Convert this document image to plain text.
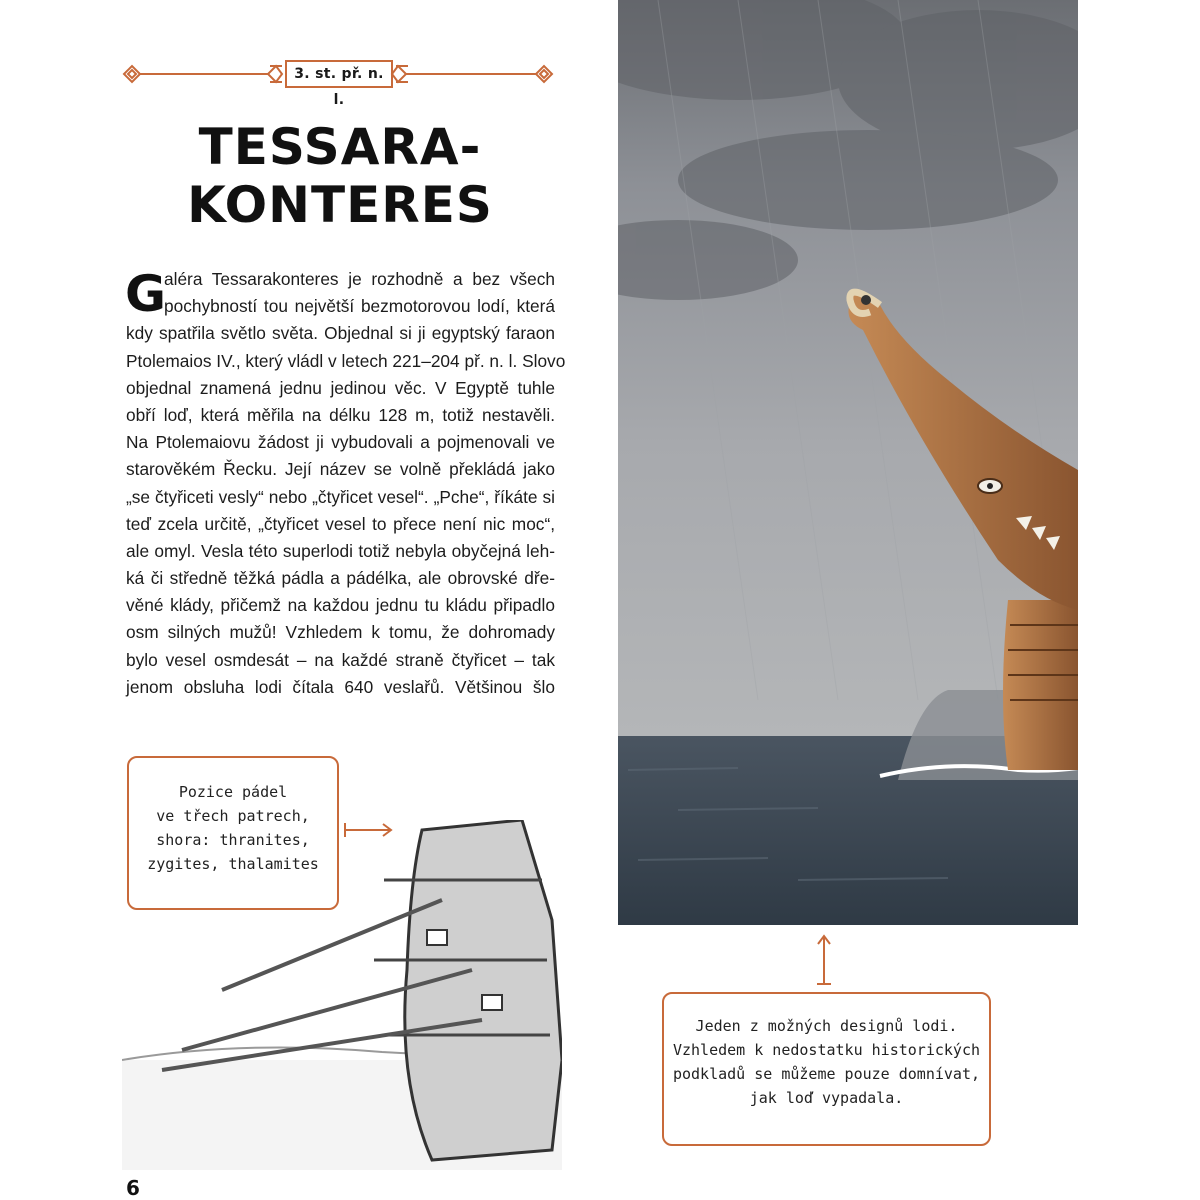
3. st. př. n. l.
TESSARA-
KONTERES
G
aléra Tessarakonteres je rozhodně a bez všech
pochybností tou největší bezmotorovou lodí, která
kdy spatřila světlo světa. Objednal si ji egyptský faraon
Ptolemaios IV., který vládl v letech 221–204 př. n. l. Slovo
objednal znamená jednu jedinou věc. V Egyptě tuhle
obří loď, která měřila na délku 128 m, totiž nestavěli.
Na Ptolemaiovu žádost ji vybudovali a pojmenovali ve
starověkém Řecku. Její název se volně překládá jako
„se čtyřiceti vesly“ nebo „čtyřicet vesel“. „Pche“, říkáte si
teď zcela určitě, „čtyřicet vesel to přece není nic moc“,
ale omyl. Vesla této superlodi totiž nebyla obyčejná leh-
ká či středně těžká pádla a pádélka, ale obrovské dře-
věné klády, přičemž na každou jednu tu kládu připadlo
osm silných mužů! Vzhledem k tomu, že dohromady
bylo vesel osmdesát – na každé straně čtyřicet – tak
jenom obsluha lodi čítala 640 veslařů. Většinou šlo
Pozice pádel
ve třech patrech,
shora: thranites,
zygites, thalamites
Jeden z možných designů lodi.
Vzhledem k nedostatku historických
podkladů se můžeme pouze domnívat,
jak loď vypadala.
6
